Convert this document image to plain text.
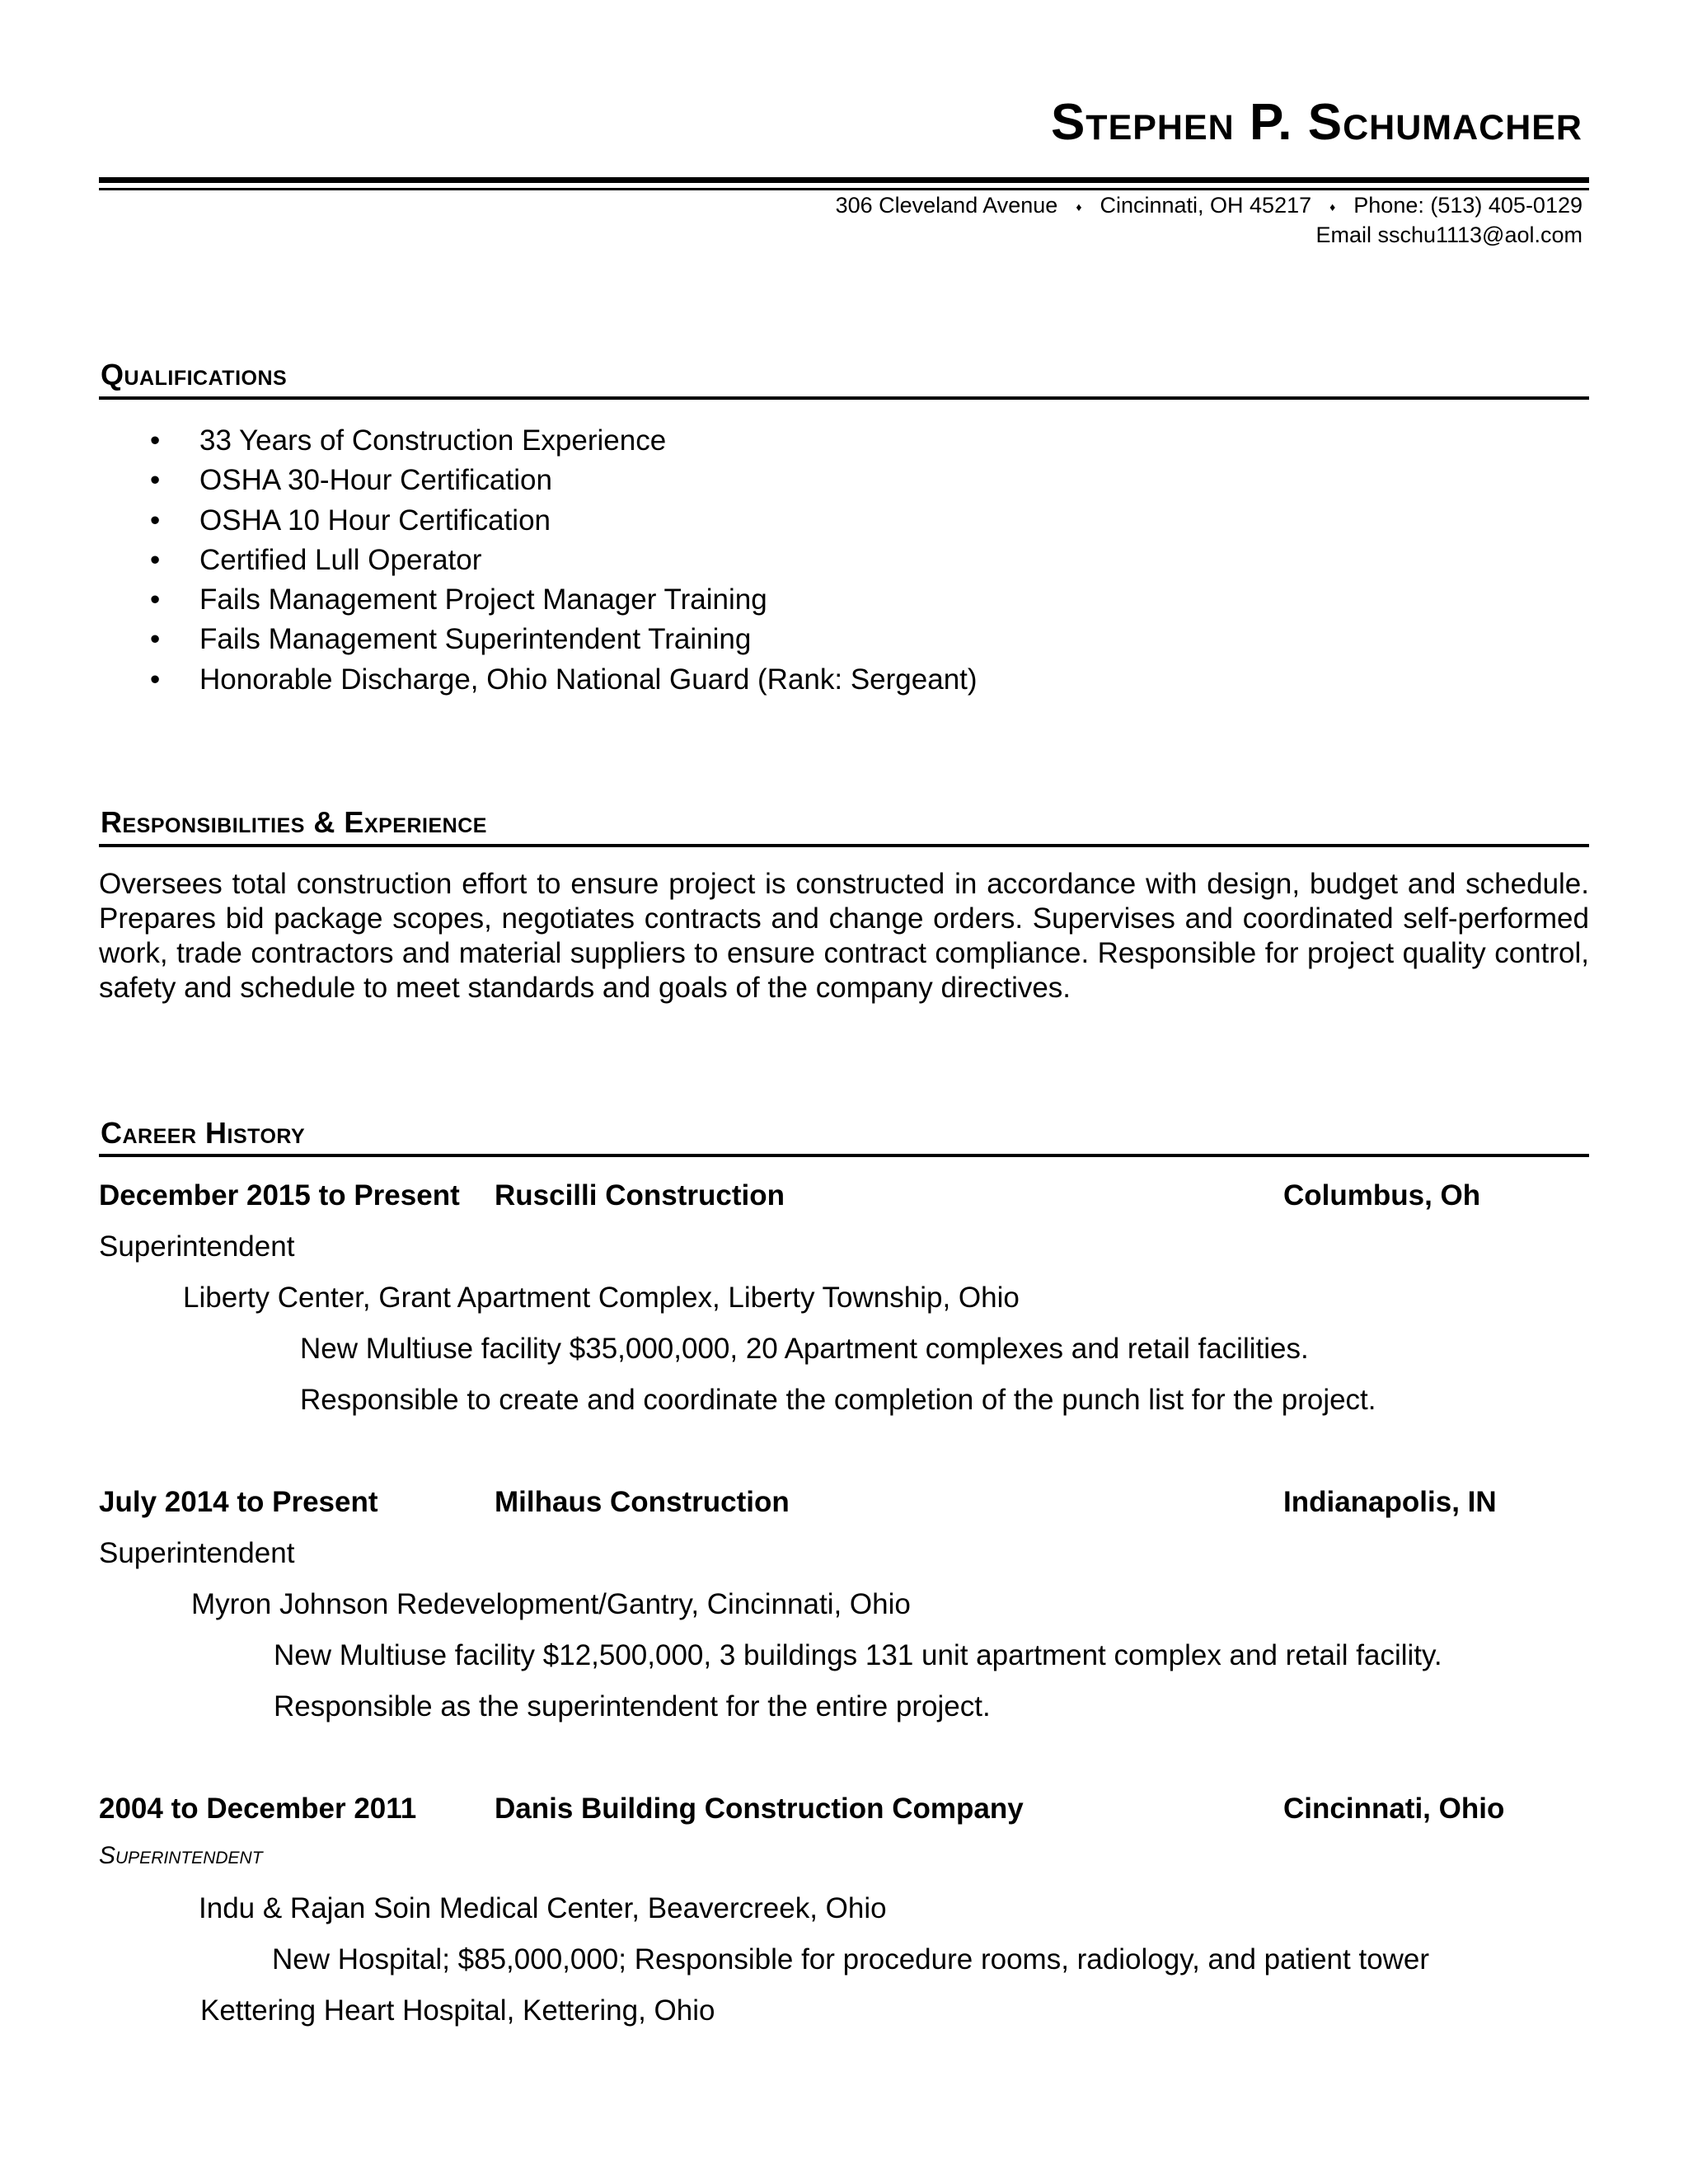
Stephen P. Schumacher
306 Cleveland Avenue ♦ Cincinnati, OH 45217 ♦ Phone: (513) 405-0129
Email sschu1113@aol.com
Qualifications
• 33 Years of Construction Experience
• OSHA 30-Hour Certification
• OSHA 10 Hour Certification
• Certified Lull Operator
• Fails Management Project Manager Training
• Fails Management Superintendent Training
• Honorable Discharge, Ohio National Guard (Rank: Sergeant)
Responsibilities & Experience
Oversees total construction effort to ensure project is constructed in accordance with design, budget and schedule. Prepares bid package scopes, negotiates contracts and change orders. Supervises and coordinated self-performed work, trade contractors and material suppliers to ensure contract compliance. Responsible for project quality control, safety and schedule to meet standards and goals of the company directives.
Career History
December 2015 to Present Ruscilli Construction	Columbus, Oh
Superintendent
Liberty Center, Grant Apartment Complex, Liberty Township, Ohio
New Multiuse facility $35,000,000, 20 Apartment complexes and retail facilities.
Responsible to create and coordinate the completion of the punch list for the project.
July 2014 to Present	Milhaus Construction	Indianapolis, IN
Superintendent
Myron Johnson Redevelopment/Gantry, Cincinnati, Ohio
New Multiuse facility $12,500,000, 3 buildings 131 unit apartment complex and retail facility.
Responsible as the superintendent for the entire project.
2004 to December 2011	Danis Building Construction Company	Cincinnati, Ohio
Superintendent
Indu & Rajan Soin Medical Center, Beavercreek, Ohio
New Hospital; $85,000,000; Responsible for procedure rooms, radiology, and patient tower
Kettering Heart Hospital, Kettering, Ohio
